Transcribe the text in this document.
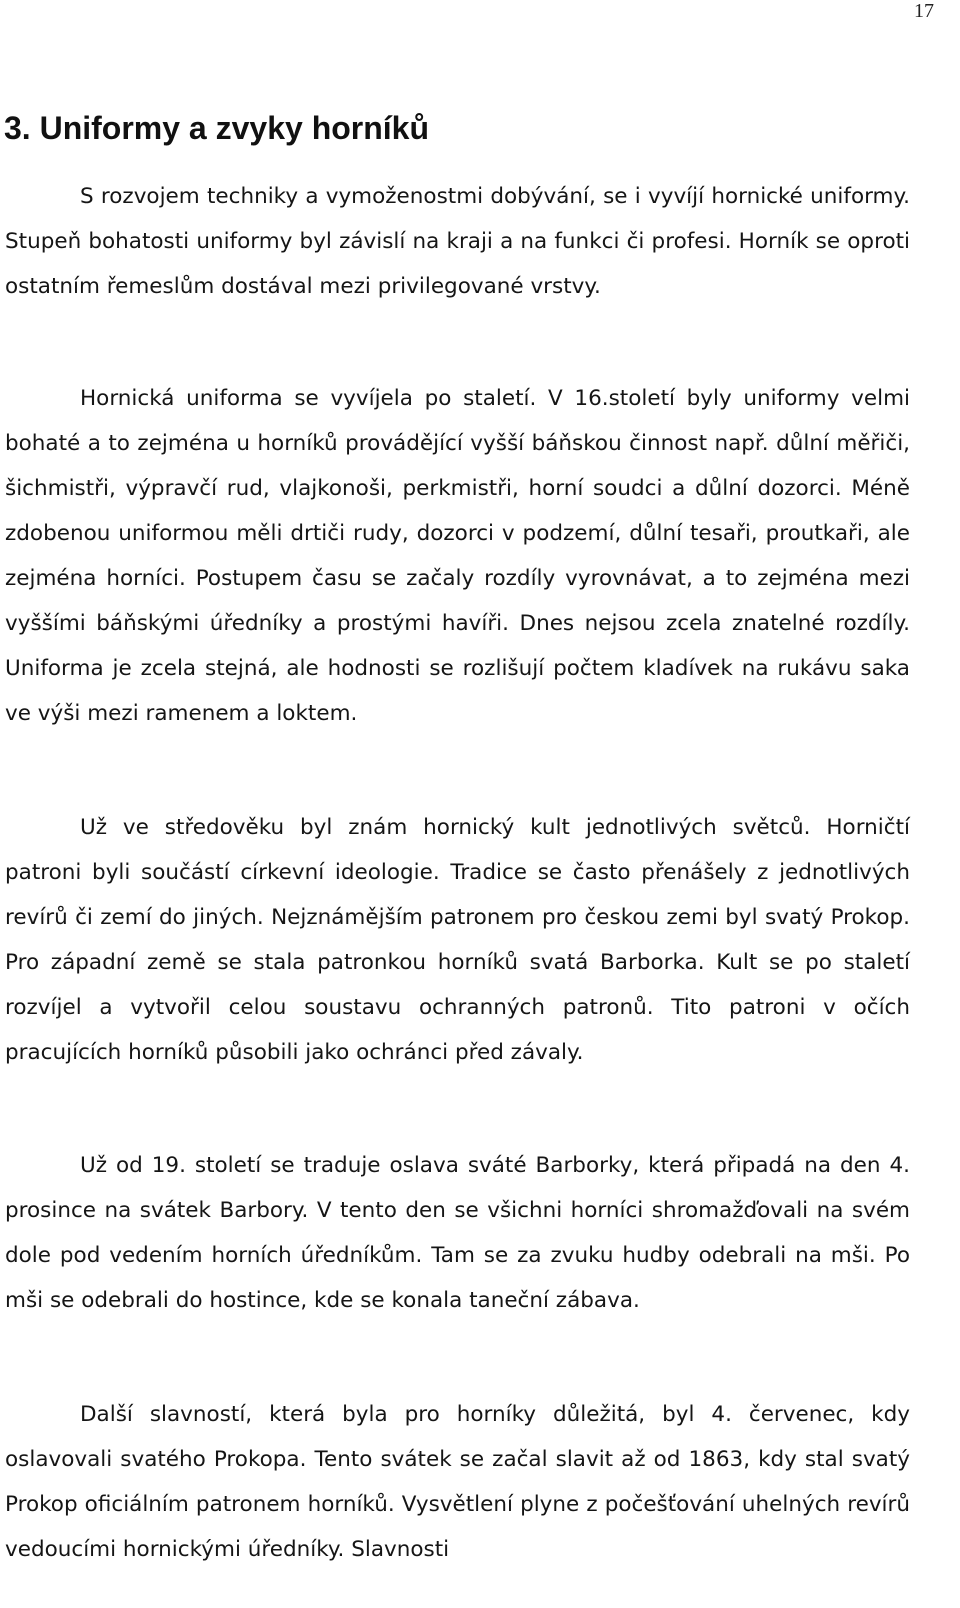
17
3. Uniformy a zvyky horníků

S rozvojem techniky a vymoženostmi dobývání, se i vyvíjí hornické uniformy. Stupeň bohatosti uniformy byl závislí na kraji a na funkci či profesi. Horník se oproti ostatním řemeslům dostával mezi privilegované vrstvy.

Hornická uniforma se vyvíjela po staletí. V 16.století byly uniformy velmi bohaté a to zejména u horníků provádějící vyšší báňskou činnost např. důlní měřiči, šichmistři, výpravčí rud, vlajkonoši, perkmistři, horní soudci a důlní dozorci. Méně zdobenou uniformou měli drtiči rudy, dozorci v podzemí, důlní tesaři, proutkaři, ale zejména horníci. Postupem času se začaly rozdíly vyrovnávat, a to zejména mezi vyššími báňskými úředníky a prostými havíři. Dnes nejsou zcela znatelné rozdíly. Uniforma je zcela stejná, ale hodnosti se rozlišují počtem kladívek na rukávu saka ve výši mezi ramenem a loktem.

Už ve středověku byl znám hornický kult jednotlivých světců. Horničtí patroni byli součástí církevní ideologie. Tradice se často přenášely z jednotlivých revírů či zemí do jiných. Nejznámějším patronem pro českou zemi byl svatý Prokop. Pro západní země se stala patronkou horníků svatá Barborka. Kult se po staletí rozvíjel a vytvořil celou soustavu ochranných patronů. Tito patroni v očích pracujících horníků působili jako ochránci před závaly.

Už od 19. století se traduje oslava sváté Barborky, která připadá na den 4. prosince na svátek Barbory. V tento den se všichni horníci shromažďovali na svém dole pod vedením horních úředníkům. Tam se za zvuku hudby odebrali na mši. Po mši se odebrali do hostince, kde se konala taneční zábava.

Další slavností, která byla pro horníky důležitá, byl 4. červenec, kdy oslavovali svatého Prokopa. Tento svátek se začal slavit až od 1863, kdy stal svatý Prokop oficiálním patronem horníků. Vysvětlení plyne z počešťování uhelných revírů vedoucími hornickými úředníky. Slavnosti
